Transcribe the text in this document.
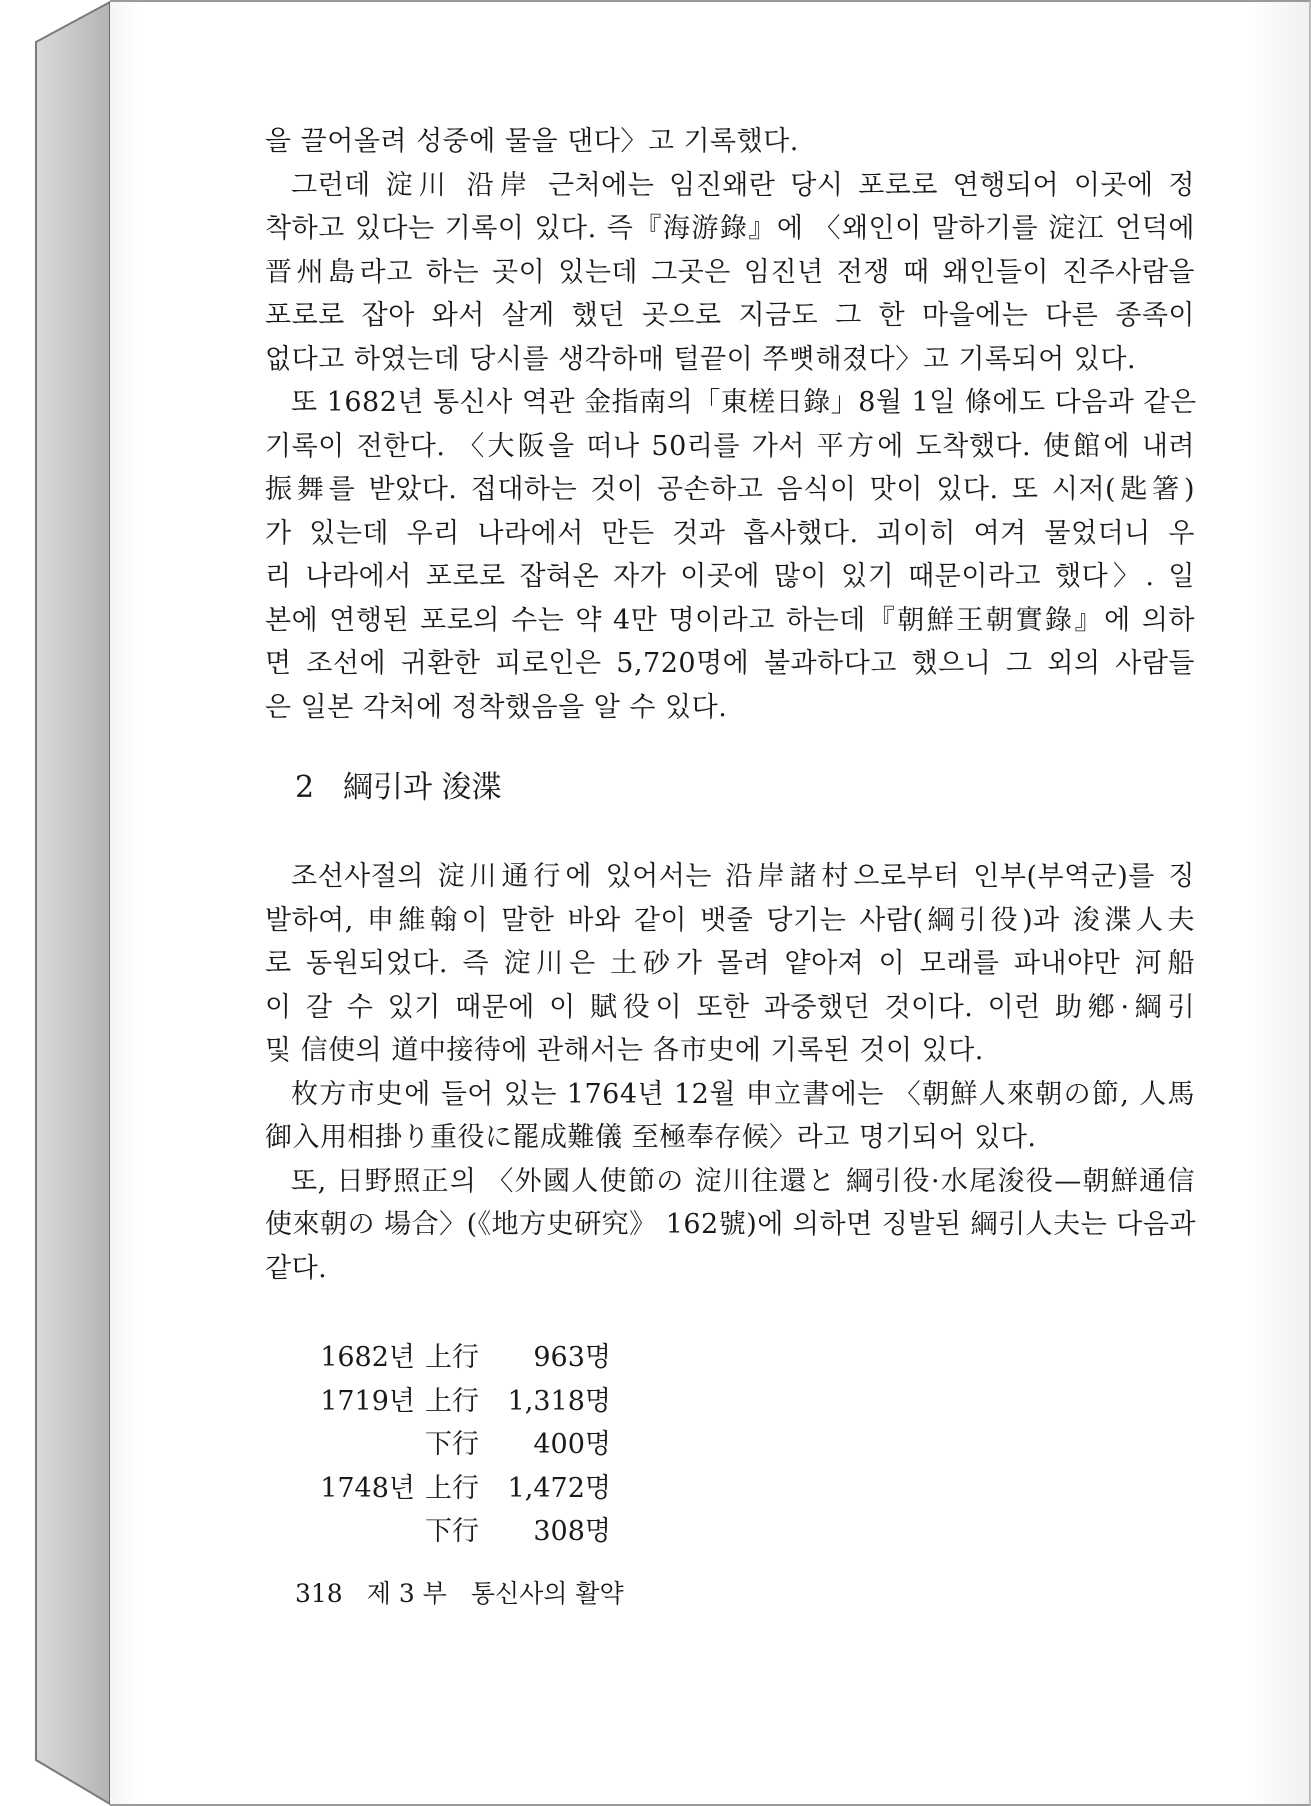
을 끌어올려 성중에 물을 댄다〉고 기록했다.
그런데 淀川 沿岸 근처에는 임진왜란 당시 포로로 연행되어 이곳에 정
착하고 있다는 기록이 있다. 즉『海游錄』에 〈왜인이 말하기를 淀江 언덕에
晋州島라고 하는 곳이 있는데 그곳은 임진년 전쟁 때 왜인들이 진주사람을
포로로 잡아 와서 살게 했던 곳으로 지금도 그 한 마을에는 다른 종족이
없다고 하였는데 당시를 생각하매 털끝이 쭈뼛해졌다〉고 기록되어 있다.
또 1682년 통신사 역관 金指南의「東槎日錄」8월 1일 條에도 다음과 같은
기록이 전한다. 〈大阪을 떠나 50리를 가서 平方에 도착했다. 使館에 내려
振舞를 받았다. 접대하는 것이 공손하고 음식이 맛이 있다. 또 시저(匙箸)
가 있는데 우리 나라에서 만든 것과 흡사했다. 괴이히 여겨 물었더니 우
리 나라에서 포로로 잡혀온 자가 이곳에 많이 있기 때문이라고 했다〉. 일
본에 연행된 포로의 수는 약 4만 명이라고 하는데『朝鮮王朝實錄』에 의하
면 조선에 귀환한 피로인은 5,720명에 불과하다고 했으니 그 외의 사람들
은 일본 각처에 정착했음을 알 수 있다.
2 綱引과 浚渫
조선사절의 淀川通行에 있어서는 沿岸諸村으로부터 인부(부역군)를 징
발하여, 申維翰이 말한 바와 같이 뱃줄 당기는 사람(綱引役)과 浚渫人夫
로 동원되었다. 즉 淀川은 土砂가 몰려 얕아져 이 모래를 파내야만 河船
이 갈 수 있기 때문에 이 賦役이 또한 과중했던 것이다. 이런 助鄕·綱引
및 信使의 道中接待에 관해서는 各市史에 기록된 것이 있다.
枚方市史에 들어 있는 1764년 12월 申立書에는 〈朝鮮人來朝の節, 人馬
御入用相掛り重役に罷成難儀 至極奉存候〉라고 명기되어 있다.
또, 日野照正의 〈外國人使節の 淀川往還と 綱引役·水尾浚役—朝鮮通信
使來朝の 場合〉(《地方史硏究》 162號)에 의하면 징발된 綱引人夫는 다음과
같다.
1682년	上行	963명
1719년	上行	1,318명
	下行	400명
1748년	上行	1,472명
	下行	308명
318 제 3 부 통신사의 활약
